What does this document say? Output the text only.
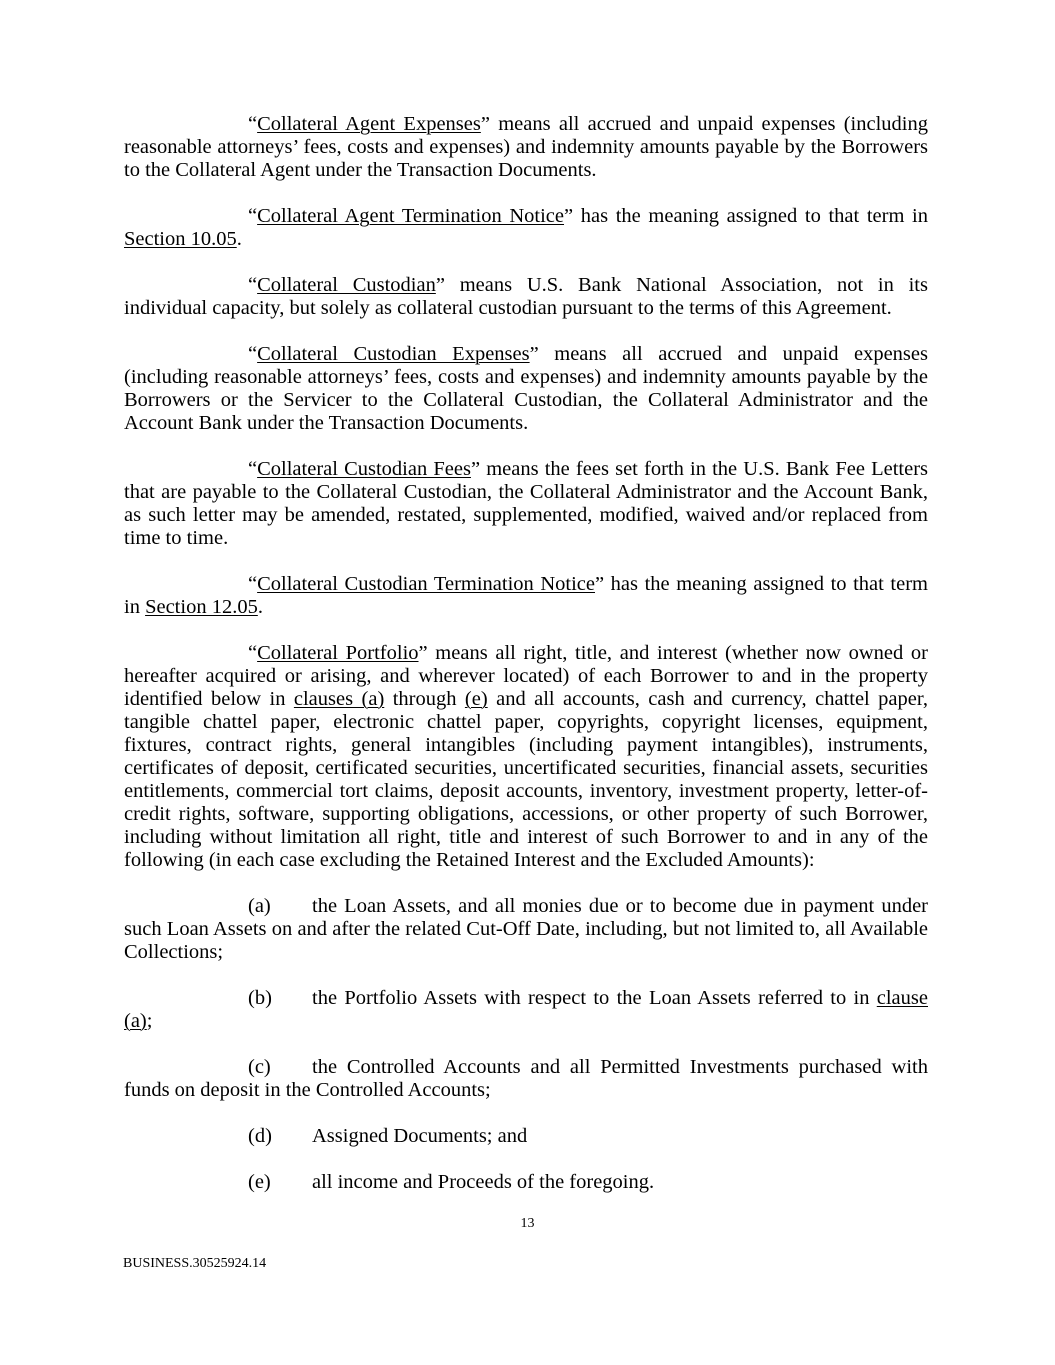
“Collateral Agent Expenses” means all accrued and unpaid expenses (including reasonable attorneys’ fees, costs and expenses) and indemnity amounts payable by the Borrowers to the Collateral Agent under the Transaction Documents.

“Collateral Agent Termination Notice” has the meaning assigned to that term in Section 10.05.

“Collateral Custodian” means U.S. Bank National Association, not in its individual capacity, but solely as collateral custodian pursuant to the terms of this Agreement.

“Collateral Custodian Expenses” means all accrued and unpaid expenses (including reasonable attorneys’ fees, costs and expenses) and indemnity amounts payable by the Borrowers or the Servicer to the Collateral Custodian, the Collateral Administrator and the Account Bank under the Transaction Documents.

“Collateral Custodian Fees” means the fees set forth in the U.S. Bank Fee Letters that are payable to the Collateral Custodian, the Collateral Administrator and the Account Bank, as such letter may be amended, restated, supplemented, modified, waived and/or replaced from time to time.

“Collateral Custodian Termination Notice” has the meaning assigned to that term in Section 12.05.

“Collateral Portfolio” means all right, title, and interest (whether now owned or hereafter acquired or arising, and wherever located) of each Borrower to and in the property identified below in clauses (a) through (e) and all accounts, cash and currency, chattel paper, tangible chattel paper, electronic chattel paper, copyrights, copyright licenses, equipment, fixtures, contract rights, general intangibles (including payment intangibles), instruments, certificates of deposit, certificated securities, uncertificated securities, financial assets, securities entitlements, commercial tort claims, deposit accounts, inventory, investment property, letter-of-credit rights, software, supporting obligations, accessions, or other property of such Borrower, including without limitation all right, title and interest of such Borrower to and in any of the following (in each case excluding the Retained Interest and the Excluded Amounts):

(a) the Loan Assets, and all monies due or to become due in payment under such Loan Assets on and after the related Cut-Off Date, including, but not limited to, all Available Collections;

(b) the Portfolio Assets with respect to the Loan Assets referred to in clause (a);

(c) the Controlled Accounts and all Permitted Investments purchased with funds on deposit in the Controlled Accounts;

(d) Assigned Documents; and

(e) all income and Proceeds of the foregoing.

13
BUSINESS.30525924.14
